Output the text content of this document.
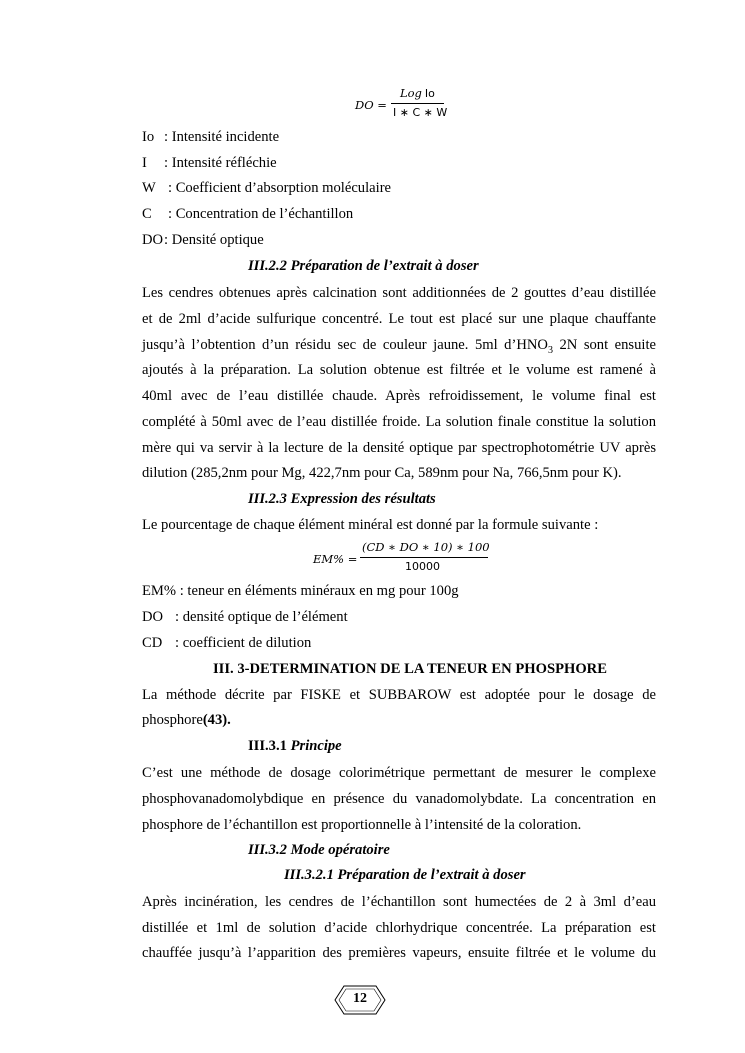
DO =
Log Io
I ∗ C ∗ W
Io : Intensité incidente
I : Intensité réfléchie
W : Coefficient d’absorption moléculaire
C : Concentration de l’échantillon
DO: Densité optique
III.2.2 Préparation de l’extrait à doser
Les cendres obtenues après calcination sont additionnées de 2 gouttes d’eau distillée
et de 2ml d’acide sulfurique concentré. Le tout est placé sur une plaque chauffante
jusqu’à l’obtention d’un résidu sec de couleur jaune. 5ml $d’HNO_3$ 2N sont ensuite
ajoutés à la préparation. La solution obtenue est filtrée et le volume est ramené à
40ml avec de l’eau distillée chaude. Après refroidissement, le volume final est
complété à 50ml avec de l’eau distillée froide. La solution finale constitue la solution
mère qui va servir à la lecture de la densité optique par spectrophotométrie UV après
dilution (285,2nm pour Mg, 422,7nm pour Ca, 589nm pour Na, 766,5nm pour K).
III.2.3 Expression des résultats
Le pourcentage de chaque élément minéral est donné par la formule suivante :
EM% =
(CD ∗ DO ∗ 10) ∗ 100
10000
EM% : teneur en éléments minéraux en mg pour 100g
DO : densité optique de l’élément
CD : coefficient de dilution
III. 3-DETERMINATION DE LA TENEUR EN PHOSPHORE
La méthode décrite par FISKE et SUBBAROW est adoptée pour le dosage de
phosphore(43).
III.3.1 Principe
C’est une méthode de dosage colorimétrique permettant de mesurer le complexe
phosphovanadomolybdique en présence du vanadomolybdate. La concentration en
phosphore de l’échantillon est proportionnelle à l’intensité de la coloration.
III.3.2 Mode opératoire
III.3.2.1 Préparation de l’extrait à doser
Après incinération, les cendres de l’échantillon sont humectées de 2 à 3ml d’eau
distillée et 1ml de solution d’acide chlorhydrique concentrée. La préparation est
chauffée jusqu’à l’apparition des premières vapeurs, ensuite filtrée et le volume du
12
